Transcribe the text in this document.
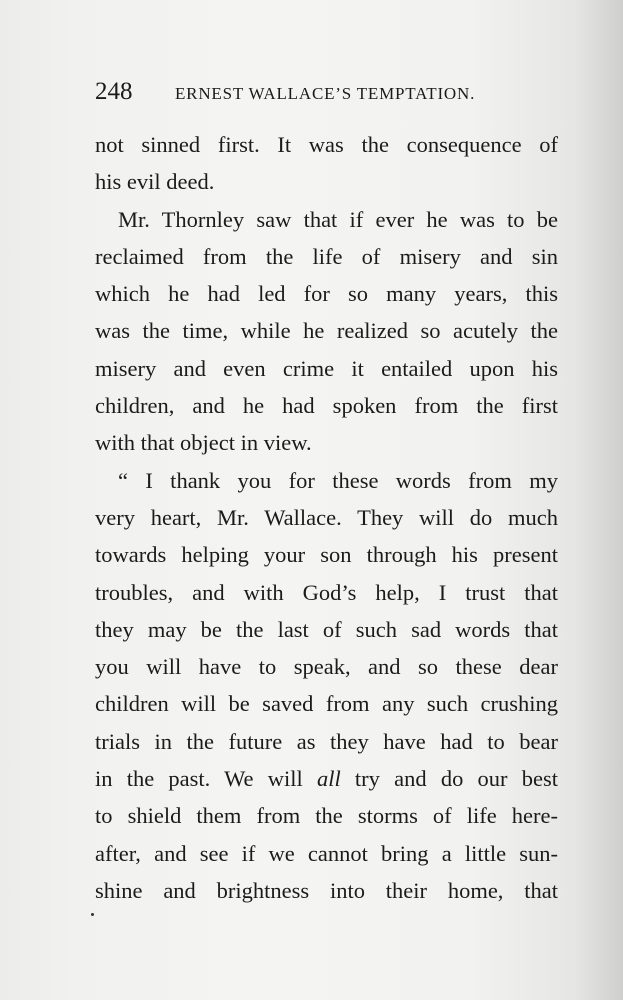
248	ERNEST WALLACE’S TEMPTATION.
not sinned first. It was the consequence of
his evil deed.
Mr. Thornley saw that if ever he was to be
reclaimed from the life of misery and sin
which he had led for so many years, this
was the time, while he realized so acutely the
misery and even crime it entailed upon his
children, and he had spoken from the first
with that object in view.
“ I thank you for these words from my
very heart, Mr. Wallace. They will do much
towards helping your son through his present
troubles, and with God’s help, I trust that
they may be the last of such sad words that
you will have to speak, and so these dear
children will be saved from any such crushing
trials in the future as they have had to bear
in the past. We will all try and do our best
to shield them from the storms of life here-
after, and see if we cannot bring a little sun-
shine and brightness into their home, that
